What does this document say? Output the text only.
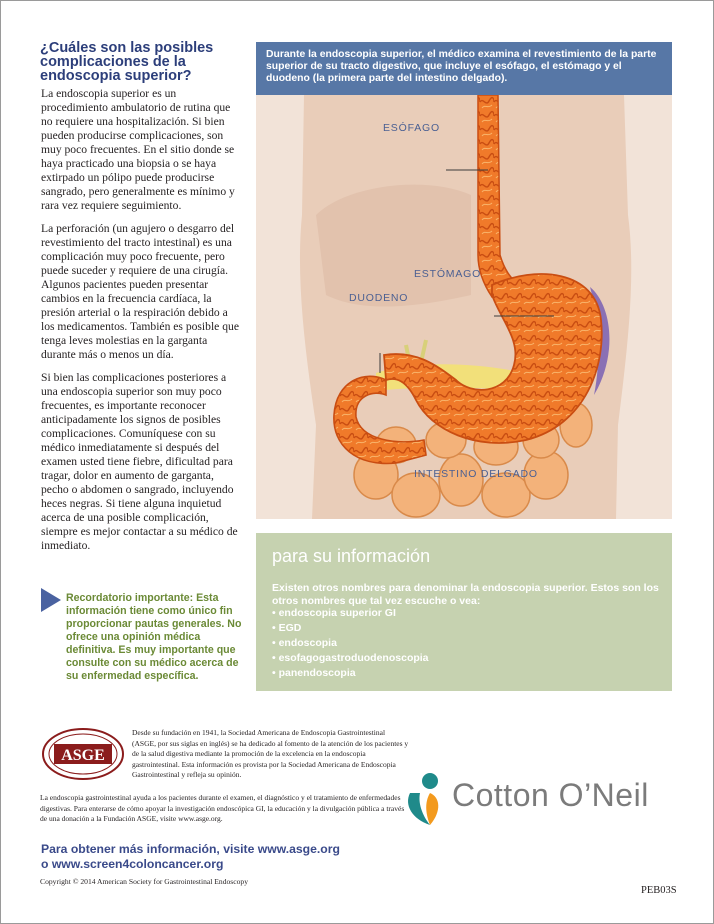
¿Cuáles son las posibles
complicaciones de la
endoscopia superior?

La endoscopia superior es un procedimiento ambulatorio de rutina que no requiere una hospitalización. Si bien pueden producirse complicaciones, son muy poco frecuentes. En el sitio donde se haya practicado una biopsia o se haya extirpado un pólipo puede producirse sangrado, pero generalmente es mínimo y rara vez requiere seguimiento.

La perforación (un agujero o desgarro del revestimiento del tracto intestinal) es una complicación muy poco frecuente, pero puede suceder y requiere de una cirugía. Algunos pacientes pueden presentar cambios en la frecuencia cardíaca, la presión arterial o la respiración debido a los medicamentos. También es posible que tenga leves molestias en la garganta durante más o menos un día.

Si bien las complicaciones posteriores a una endoscopia superior son muy poco frecuentes, es importante reconocer anticipadamente los signos de posibles complicaciones. Comuníquese con su médico inmediatamente si después del examen usted tiene fiebre, dificultad para tragar, dolor en aumento de garganta, pecho o abdomen o sangrado, incluyendo heces negras. Si tiene alguna inquietud acerca de una posible complicación, siempre es mejor contactar a su médico de inmediato.

Recordatorio importante: Esta información tiene como único fin proporcionar pautas generales. No ofrece una opinión médica definitiva. Es muy importante que consulte con su médico acerca de su enfermedad específica.
Durante la endoscopia superior, el médico examina el revestimiento de la parte superior de su tracto digestivo, que incluye el esófago, el estómago y el duodeno (la primera parte del intestino delgado).
ESÓFAGO
ESTÓMAGO
DUODENO
INTESTINO DELGADO
para su información
Existen otros nombres para denominar la endoscopia superior. Estos son los otros nombres que tal vez escuche o vea:
• endoscopia superior GI
• EGD
• endoscopia
• esofagogastroduodenoscopia
• panendoscopia
ASGE
Desde su fundación en 1941, la Sociedad Americana de Endoscopia Gastrointestinal (ASGE, por sus siglas en inglés) se ha dedicado al fomento de la atención de los pacientes y de la salud digestiva mediante la promoción de la excelencia en la endoscopia gastrointestinal. Esta información es provista por la Sociedad Americana de Endoscopia Gastrointestinal y refleja su opinión.
La endoscopia gastrointestinal ayuda a los pacientes durante el examen, el diagnóstico y el tratamiento de enfermedades digestivas. Para enterarse de cómo apoyar la investigación endoscópica GI, la educación y la divulgación pública a través de una donación a la Fundación ASGE, visite www.asge.org.
Para obtener más información, visite www.asge.org
o www.screen4coloncancer.org
Copyright © 2014 American Society for Gastrointestinal Endoscopy
PEB03S
Cotton O’Neil
